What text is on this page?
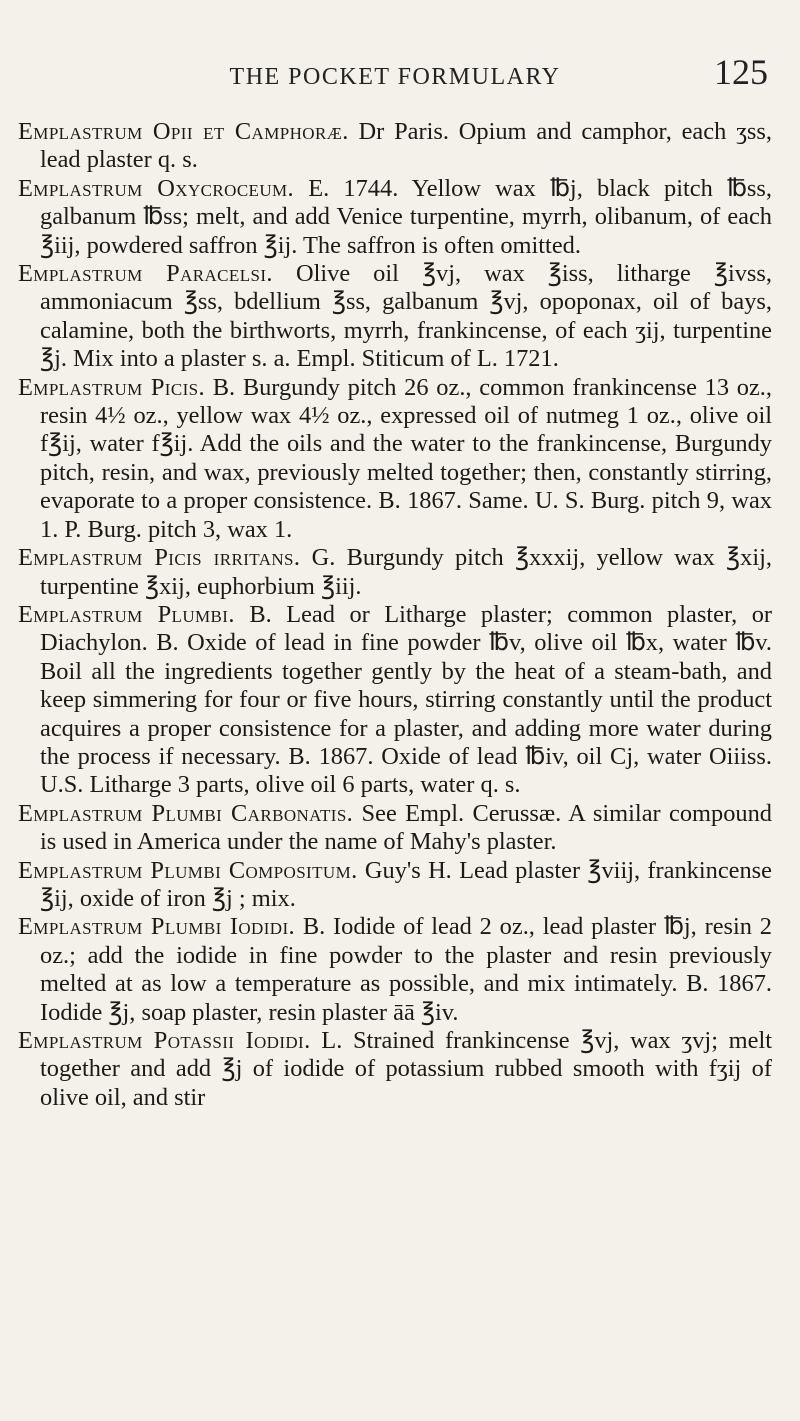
THE POCKET FORMULARY	125

Emplastrum Opii et Camphoræ. Dr Paris. Opium and camphor, each ʒss, lead plaster q. s.

Emplastrum Oxycroceum. E. 1744. Yellow wax ℔j, black pitch ℔ss, galbanum ℔ss; melt, and add Venice turpentine, myrrh, olibanum, of each ℥iij, powdered saffron ℥ij. The saffron is often omitted.

Emplastrum Paracelsi. Olive oil ℥vj, wax ℥iss, litharge ℥ivss, ammoniacum ℥ss, bdellium ℥ss, galbanum ℥vj, opoponax, oil of bays, calamine, both the birthworts, myrrh, frankincense, of each ʒij, turpentine ℥j. Mix into a plaster s. a. Empl. Stiticum of L. 1721.

Emplastrum Picis. B. Burgundy pitch 26 oz., common frankincense 13 oz., resin 4½ oz., yellow wax 4½ oz., expressed oil of nutmeg 1 oz., olive oil f℥ij, water f℥ij. Add the oils and the water to the frankincense, Burgundy pitch, resin, and wax, previously melted together; then, constantly stirring, evaporate to a proper consistence. B. 1867. Same. U. S. Burg. pitch 9, wax 1. P. Burg. pitch 3, wax 1.

Emplastrum Picis irritans. G. Burgundy pitch ℥xxxij, yellow wax ℥xij, turpentine ℥xij, euphorbium ℥iij.

Emplastrum Plumbi. B. Lead or Litharge plaster; common plaster, or Diachylon. B. Oxide of lead in fine powder ℔v, olive oil ℔x, water ℔v. Boil all the ingredients together gently by the heat of a steam-bath, and keep simmering for four or five hours, stirring constantly until the product acquires a proper consistence for a plaster, and adding more water during the process if necessary. B. 1867. Oxide of lead ℔iv, oil Cj, water Oiiiss. U.S. Litharge 3 parts, olive oil 6 parts, water q. s.

Emplastrum Plumbi Carbonatis. See Empl. Cerussæ. A similar compound is used in America under the name of Mahy's plaster.

Emplastrum Plumbi Compositum. Guy's H. Lead plaster ℥viij, frankincense ℥ij, oxide of iron ℥j ; mix.

Emplastrum Plumbi Iodidi. B. Iodide of lead 2 oz., lead plaster ℔j, resin 2 oz.; add the iodide in fine powder to the plaster and resin previously melted at as low a temperature as possible, and mix intimately. B. 1867. Iodide ℥j, soap plaster, resin plaster āā ℥iv.

Emplastrum Potassii Iodidi. L. Strained frankincense ℥vj, wax ʒvj; melt together and add ℥j of iodide of potassium rubbed smooth with fʒij of olive oil, and stir
